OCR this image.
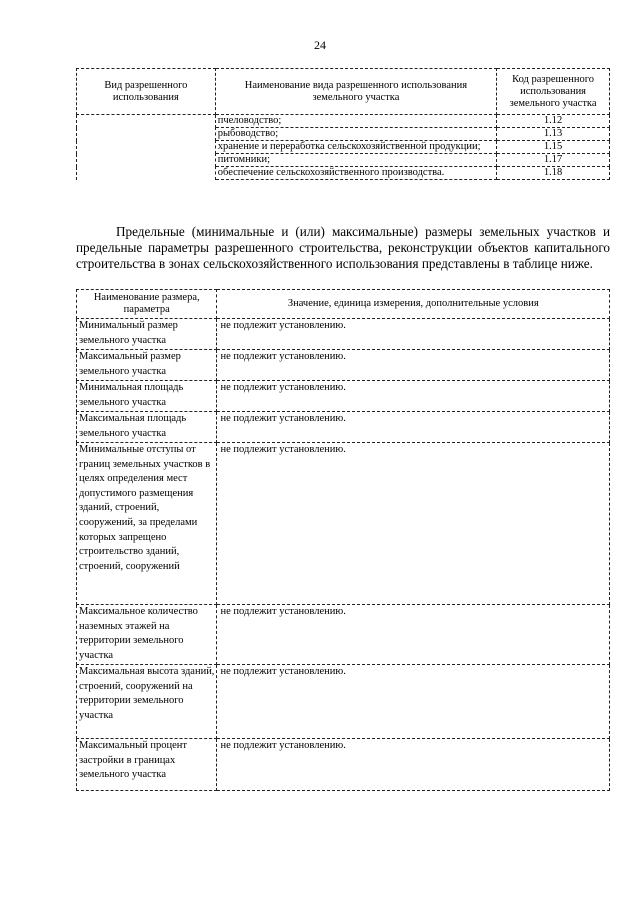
24
Вид разрешенного использования	Наименование вида разрешенного использования земельного участка	Код разрешенного использования земельного участка
	пчеловодство;	1.12
	рыбоводство;	1.13
	хранение и переработка сельскохозяйственной продукции;	1.15
	питомники;	1.17
	обеспечение сельскохозяйственного производства.	1.18

Предельные (минимальные и (или) максимальные) размеры земельных участков и предельные параметры разрешенного строительства, реконструкции объектов капитального строительства в зонах сельскохозяйственного использования представлены в таблице ниже.

Наименование размера, параметра	Значение, единица измерения, дополнительные условия
Минимальный размер земельного участка	не подлежит установлению.
Максимальный размер земельного участка	не подлежит установлению.
Минимальная площадь земельного участка	не подлежит установлению.
Максимальная площадь земельного участка	не подлежит установлению.
Минимальные отступы от границ земельных участков в целях определения мест допустимого размещения зданий, строений, сооружений, за пределами которых запрещено строительство зданий, строений, сооружений	не подлежит установлению.
Максимальное количество наземных этажей на территории земельного участка	не подлежит установлению.
Максимальная высота зданий, строений, сооружений на территории земельного участка	не подлежит установлению.
Максимальный процент застройки в границах земельного участка	не подлежит установлению.
